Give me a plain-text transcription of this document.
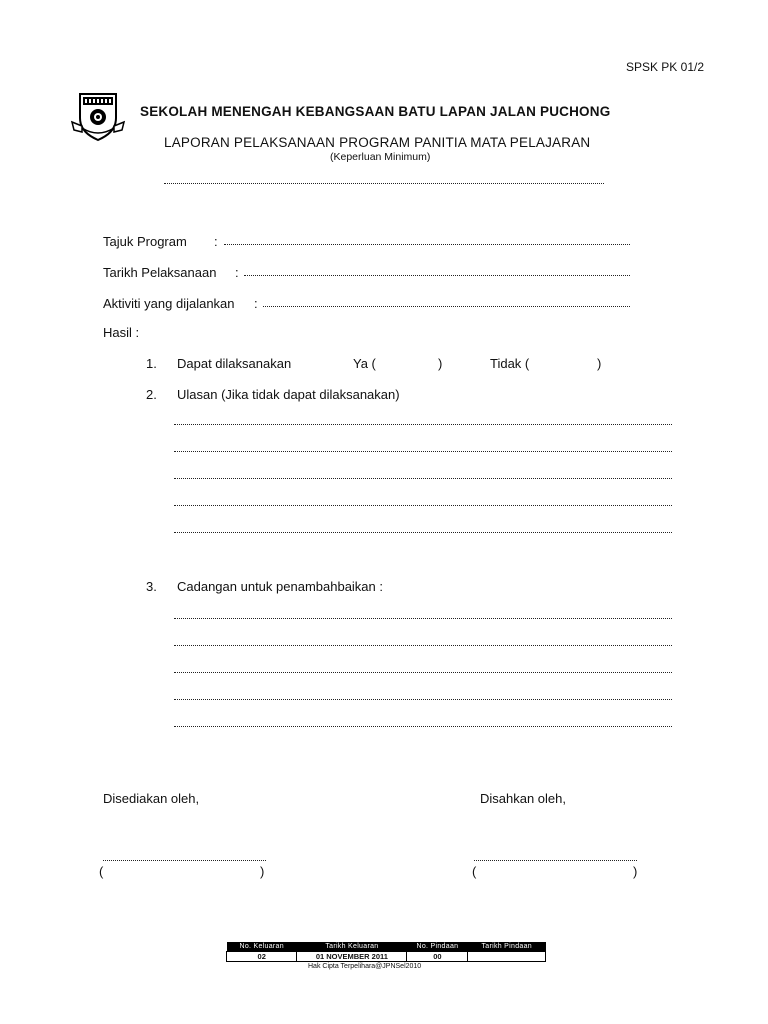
SPSK PK 01/2
SEKOLAH MENENGAH KEBANGSAAN BATU LAPAN JALAN PUCHONG
LAPORAN PELAKSANAAN PROGRAM PANITIA MATA PELAJARAN
(Keperluan Minimum)
Tajuk Program :
Tarikh Pelaksanaan :
Aktiviti yang dijalankan :
Hasil :
1. Dapat dilaksanakan	Ya (	)	Tidak (	)
2. Ulasan (Jika tidak dapat dilaksanakan)
3. Cadangan untuk penambahbaikan :
Disediakan oleh,	Disahkan oleh,
(	)	(	)
No. Keluaran	Tarikh Keluaran	No. Pindaan	Tarikh Pindaan
02	01 NOVEMBER 2011	00	
Hak Cipta Terpelihara@JPNSel2010
